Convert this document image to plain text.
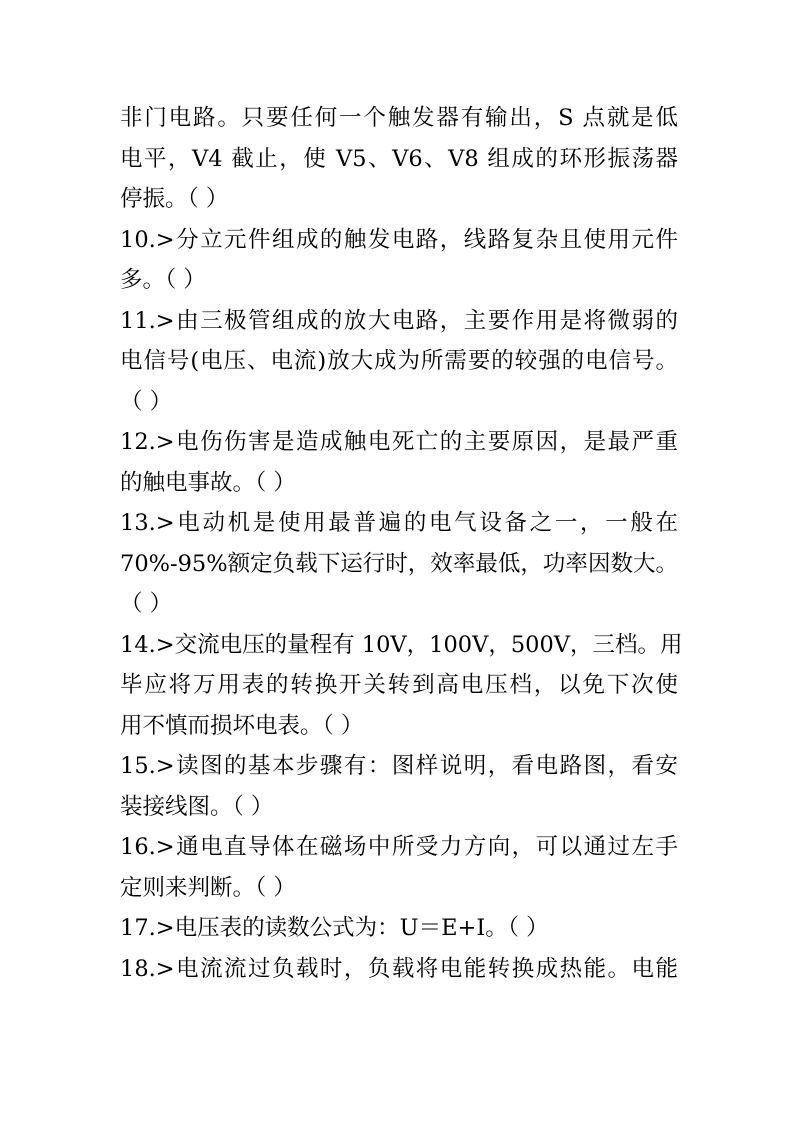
非门电路。只要任何一个触发器有输出，S 点就是低
电平，V4 截止，使 V5、V6、V8 组成的环形振荡器
停振。（ ）
10.>分立元件组成的触发电路，线路复杂且使用元件
多。（ ）
11.>由三极管组成的放大电路，主要作用是将微弱的
电信号(电压、电流)放大成为所需要的较强的电信号。
（ ）
12.>电伤伤害是造成触电死亡的主要原因，是最严重
的触电事故。（ ）
13.>电动机是使用最普遍的电气设备之一，一般在
70%-95%额定负载下运行时，效率最低，功率因数大。
（ ）
14.>交流电压的量程有 10V，100V，500V，三档。用
毕应将万用表的转换开关转到高电压档，以免下次使
用不慎而损坏电表。（ ）
15.>读图的基本步骤有：图样说明，看电路图，看安
装接线图。（ ）
16.>通电直导体在磁场中所受力方向，可以通过左手
定则来判断。（ ）
17.>电压表的读数公式为：U＝E+I。（ ）
18.>电流流过负载时，负载将电能转换成热能。电能
